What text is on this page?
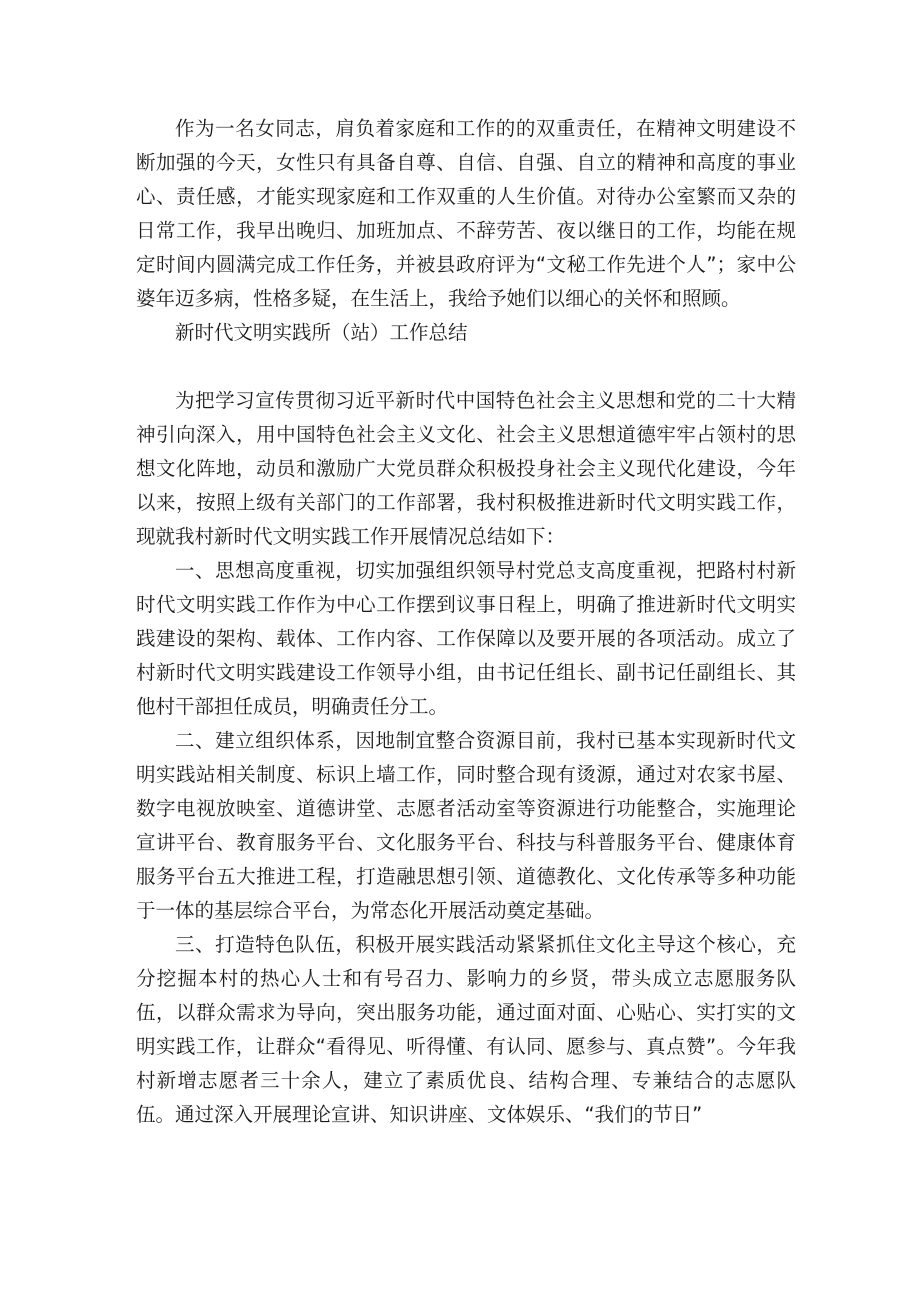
作为一名女同志，肩负着家庭和工作的的双重责任，在精神文明建设不断加强的今天，女性只有具备自尊、自信、自强、自立的精神和高度的事业心、责任感，才能实现家庭和工作双重的人生价值。对待办公室繁而又杂的日常工作，我早出晚归、加班加点、不辞劳苦、夜以继日的工作，均能在规定时间内圆满完成工作任务，并被县政府评为“文秘工作先进个人”；家中公婆年迈多病，性格多疑，在生活上，我给予她们以细心的关怀和照顾。

新时代文明实践所（站）工作总结

为把学习宣传贯彻习近平新时代中国特色社会主义思想和党的二十大精神引向深入，用中国特色社会主义文化、社会主义思想道德牢牢占领村的思想文化阵地，动员和激励广大党员群众积极投身社会主义现代化建设，今年以来，按照上级有关部门的工作部署，我村积极推进新时代文明实践工作，现就我村新时代文明实践工作开展情况总结如下：

一、思想高度重视，切实加强组织领导村党总支高度重视，把路村村新时代文明实践工作作为中心工作摆到议事日程上，明确了推进新时代文明实践建设的架构、载体、工作内容、工作保障以及要开展的各项活动。成立了村新时代文明实践建设工作领导小组，由书记任组长、副书记任副组长、其他村干部担任成员，明确责任分工。

二、建立组织体系，因地制宜整合资源目前，我村已基本实现新时代文明实践站相关制度、标识上墙工作，同时整合现有烫源，通过对农家书屋、数字电视放映室、道德讲堂、志愿者活动室等资源进行功能整合，实施理论宣讲平台、教育服务平台、文化服务平台、科技与科普服务平台、健康体育服务平台五大推进工程，打造融思想引领、道德教化、文化传承等多种功能于一体的基层综合平台，为常态化开展活动奠定基础。

三、打造特色队伍，积极开展实践活动紧紧抓住文化主导这个核心，充分挖掘本村的热心人士和有号召力、影响力的乡贤，带头成立志愿服务队伍，以群众需求为导向，突出服务功能，通过面对面、心贴心、实打实的文明实践工作，让群众“看得见、听得懂、有认同、愿参与、真点赞”。今年我村新增志愿者三十余人，建立了素质优良、结构合理、专兼结合的志愿队伍。通过深入开展理论宣讲、知识讲座、文体娱乐、“我们的节日”
